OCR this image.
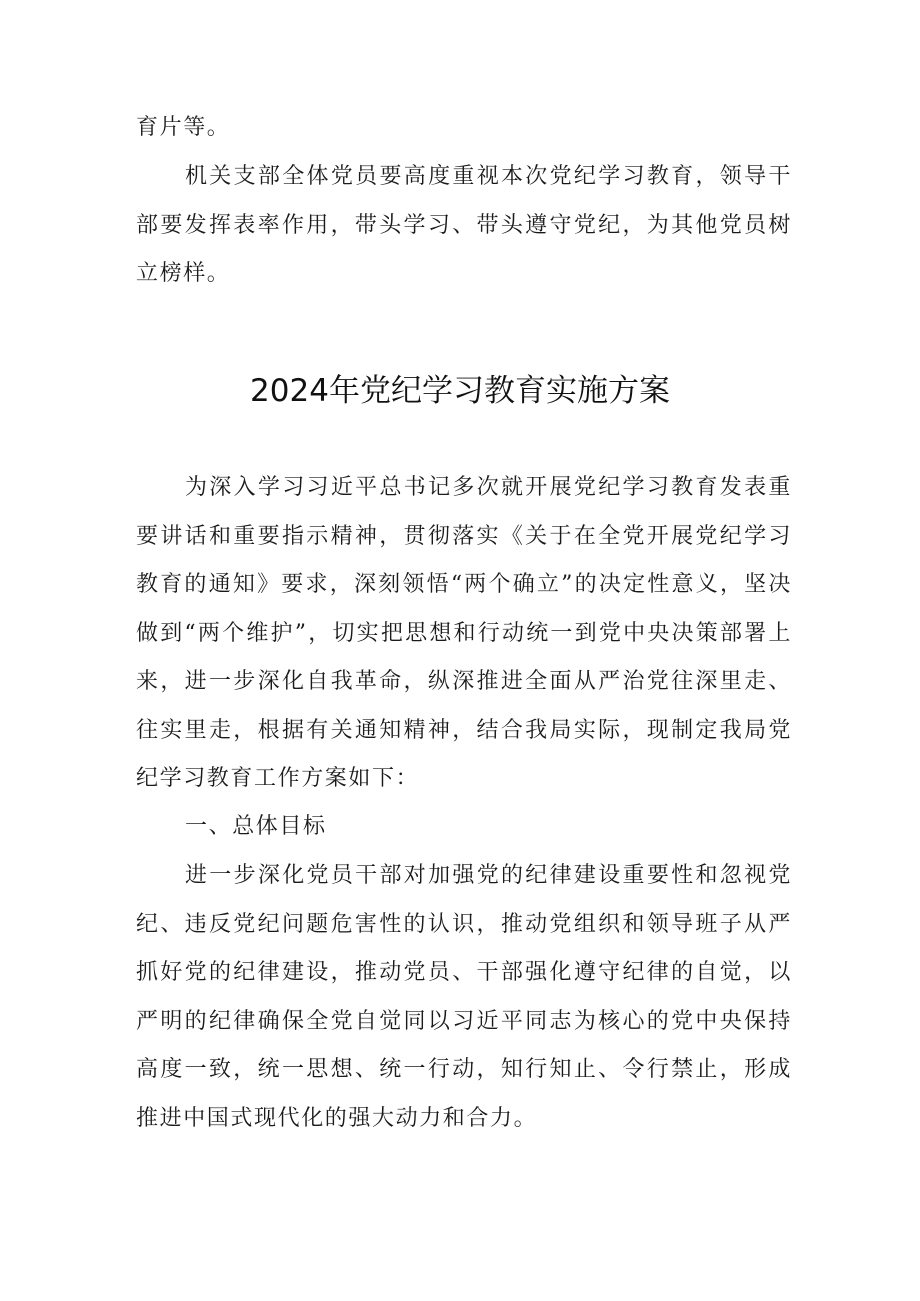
育片等。

机关支部全体党员要高度重视本次党纪学习教育，领导干部要发挥表率作用，带头学习、带头遵守党纪，为其他党员树立榜样。

2024年党纪学习教育实施方案

为深入学习习近平总书记多次就开展党纪学习教育发表重要讲话和重要指示精神，贯彻落实《关于在全党开展党纪学习教育的通知》要求，深刻领悟“两个确立”的决定性意义，坚决做到“两个维护”，切实把思想和行动统一到党中央决策部署上来，进一步深化自我革命，纵深推进全面从严治党往深里走、往实里走，根据有关通知精神，结合我局实际，现制定我局党纪学习教育工作方案如下：

一、总体目标

进一步深化党员干部对加强党的纪律建设重要性和忽视党纪、违反党纪问题危害性的认识，推动党组织和领导班子从严抓好党的纪律建设，推动党员、干部强化遵守纪律的自觉，以严明的纪律确保全党自觉同以习近平同志为核心的党中央保持高度一致，统一思想、统一行动，知行知止、令行禁止，形成推进中国式现代化的强大动力和合力。
